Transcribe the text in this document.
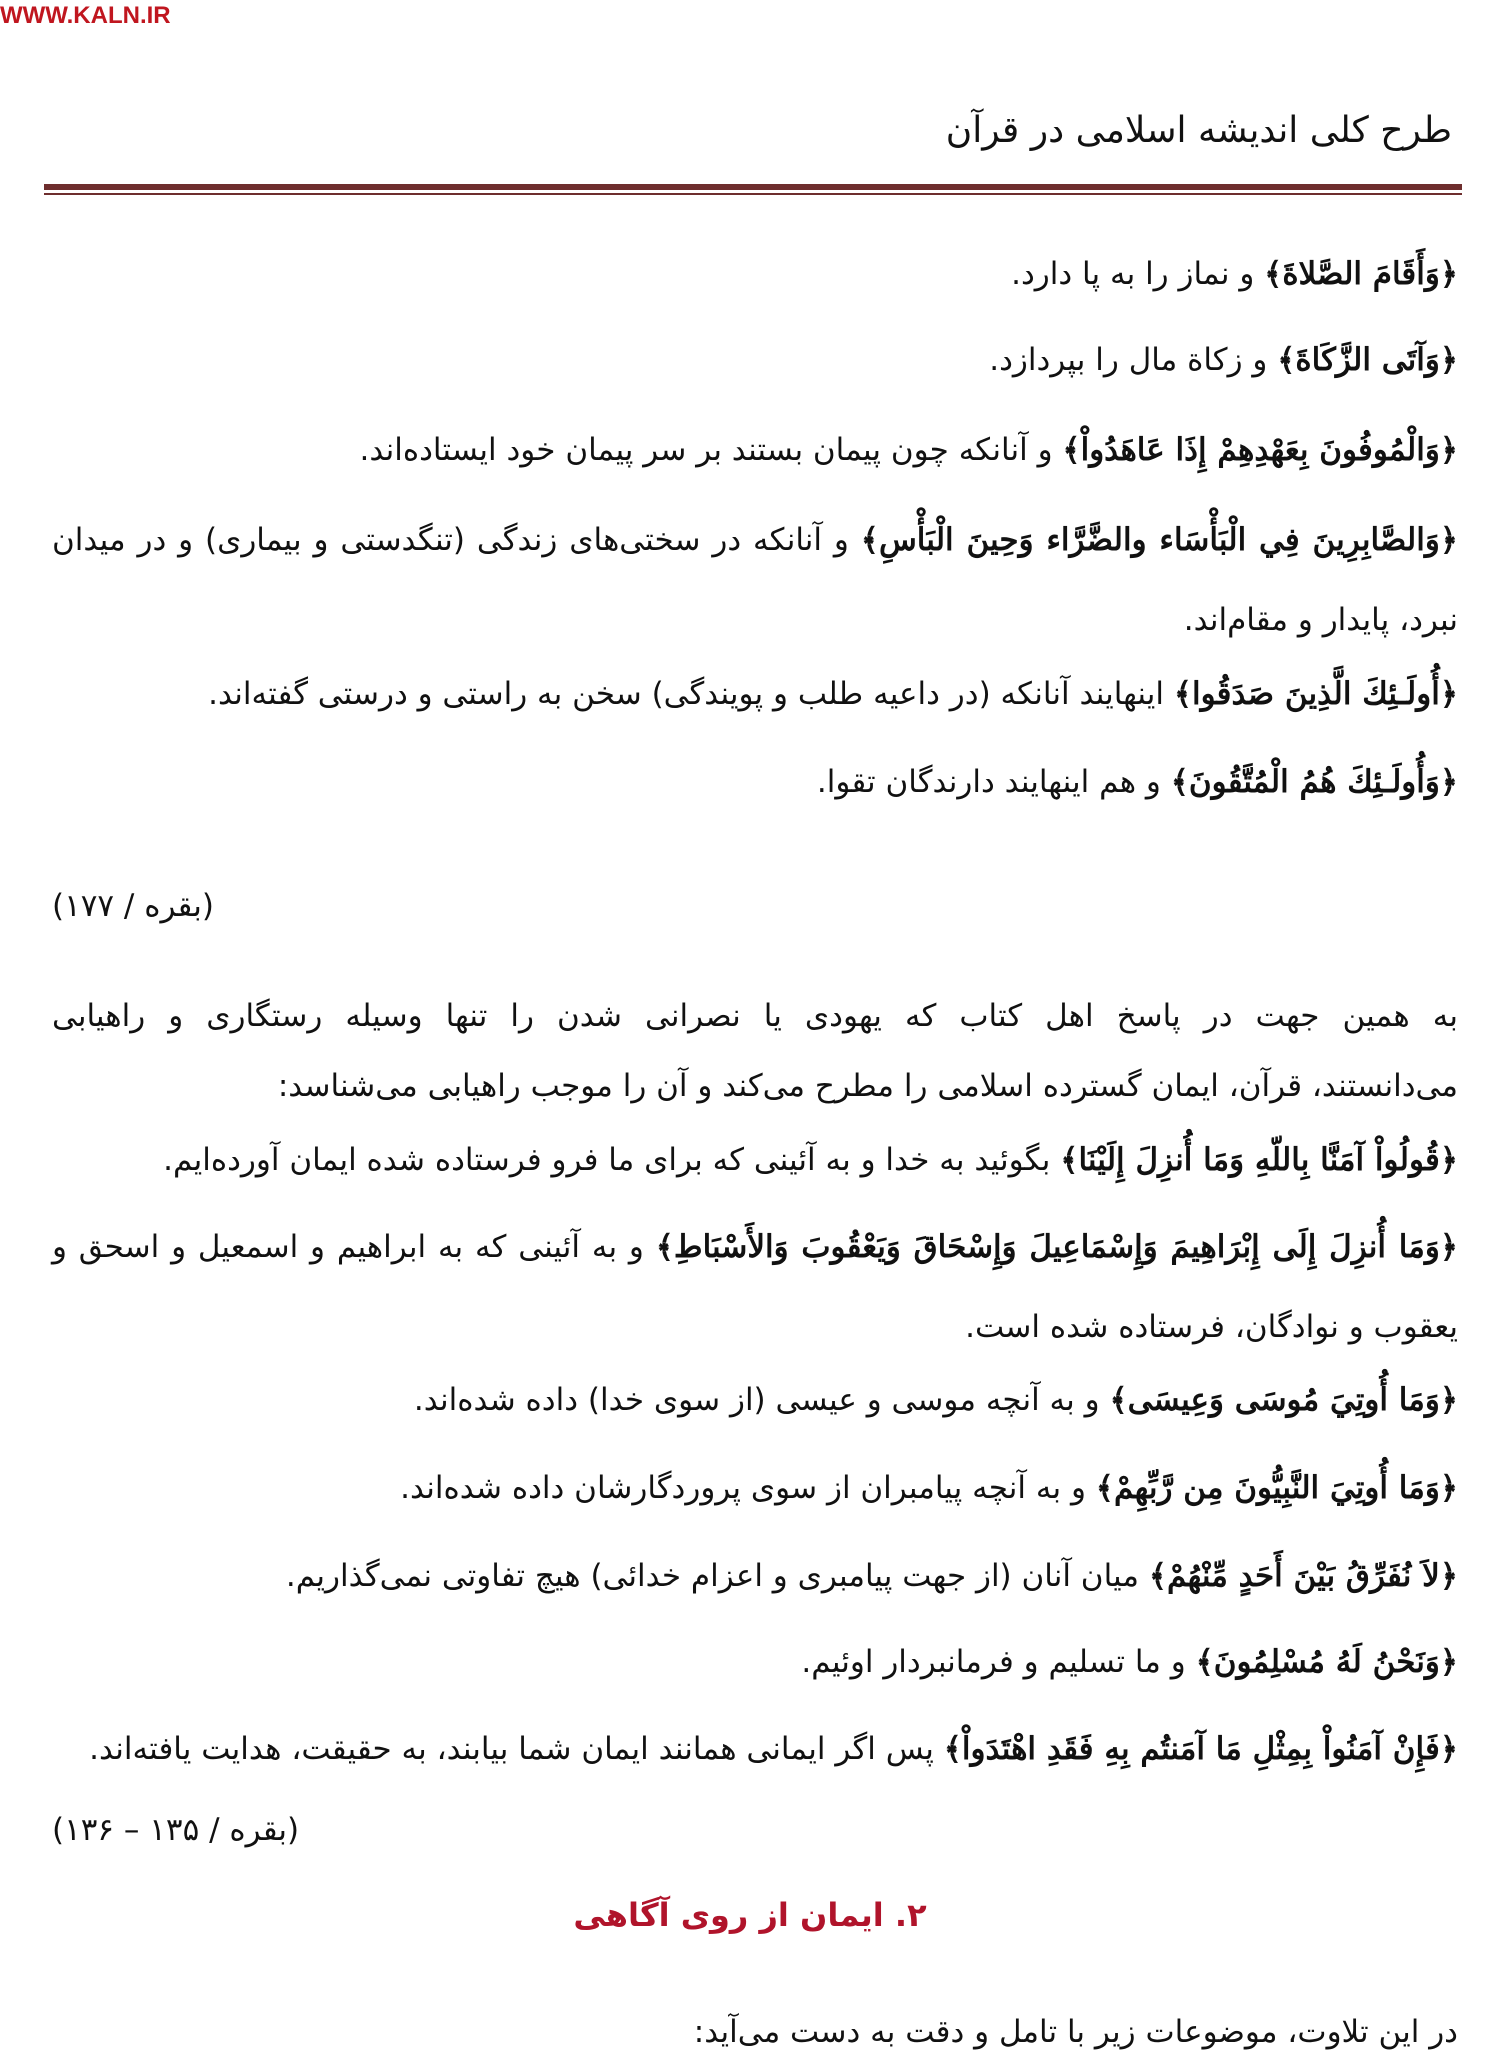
WWW.KALN.IR
طرح کلی اندیشه اسلامی در قرآن
﴿وَأَقَامَ الصَّلاةَ﴾ و نماز را به پا دارد.
﴿وَآتَى الزَّكَاةَ﴾ و زکاة مال را بپردازد.
﴿وَالْمُوفُونَ بِعَهْدِهِمْ إِذَا عَاهَدُواْ﴾ و آنانکه چون پیمان بستند بر سر پیمان خود ایستاده‌اند.
﴿وَالصَّابِرِينَ فِي الْبَأْسَاء والضَّرَّاء وَحِينَ الْبَأْسِ﴾ و آنانکه در سختی‌های زندگی (تنگدستی و بیماری) و در میدان
نبرد، پایدار و مقام‌اند.
﴿أُولَـئِكَ الَّذِينَ صَدَقُوا﴾ اینهایند آنانکه (در داعیه طلب و پویندگی) سخن به راستی و درستی گفته‌اند.
﴿وَأُولَـئِكَ هُمُ الْمُتَّقُونَ﴾ و هم اینهایند دارندگان تقوا.
(بقره / ۱۷۷)
به همین جهت در پاسخ اهل کتاب که یهودی یا نصرانی شدن را تنها وسیله رستگاری و راهیابی
می‌دانستند، قرآن، ایمان گسترده اسلامی را مطرح می‌کند و آن را موجب راهیابی می‌شناسد:
﴿قُولُواْ آمَنَّا بِاللّهِ وَمَا أُنزِلَ إِلَيْنَا﴾ بگوئید به خدا و به آئینی که برای ما فرو فرستاده شده ایمان آورده‌ایم.
﴿وَمَا أُنزِلَ إِلَى إِبْرَاهِيمَ وَإِسْمَاعِيلَ وَإِسْحَاقَ وَيَعْقُوبَ وَالأَسْبَاطِ﴾ و به آئینی که به ابراهیم و اسمعیل و اسحق و
یعقوب و نوادگان، فرستاده شده است.
﴿وَمَا أُوتِيَ مُوسَى وَعِيسَى﴾ و به آنچه موسی و عیسی (از سوی خدا) داده شده‌اند.
﴿وَمَا أُوتِيَ النَّبِيُّونَ مِن رَّبِّهِمْ﴾ و به آنچه پیامبران از سوی پروردگارشان داده شده‌اند.
﴿لاَ نُفَرِّقُ بَيْنَ أَحَدٍ مِّنْهُمْ﴾ میان آنان (از جهت پیامبری و اعزام خدائی) هیچ تفاوتی نمی‌گذاریم.
﴿وَنَحْنُ لَهُ مُسْلِمُونَ﴾ و ما تسلیم و فرمانبردار اوئیم.
﴿فَإِنْ آمَنُواْ بِمِثْلِ مَا آمَنتُم بِهِ فَقَدِ اهْتَدَواْ﴾ پس اگر ایمانی همانند ایمان شما بیابند، به حقیقت، هدایت یافته‌اند.
(بقره / ۱۳۵ – ۱۳۶)
۲. ایمان از روی آگاهی
در این تلاوت، موضوعات زیر با تامل و دقت به دست می‌آید:
